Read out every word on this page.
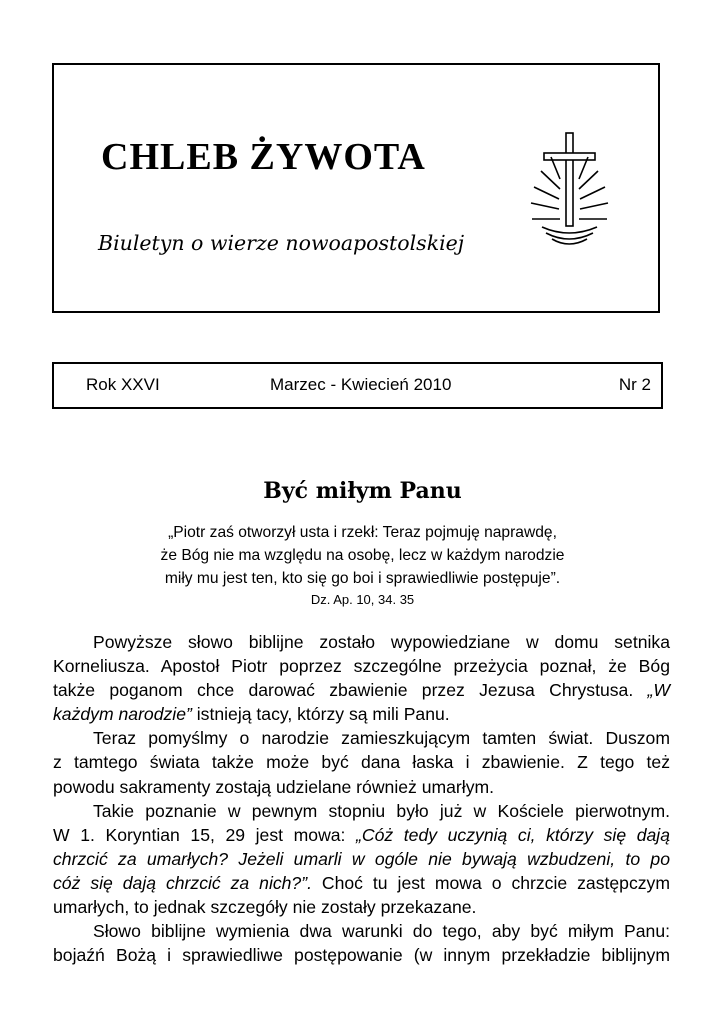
CHLEB ŻYWOTA

Biuletyn o wierze nowoapostolskiej

Rok XXVI	Marzec - Kwiecień 2010	Nr 2
Być miłym Panu
„Piotr zaś otworzył usta i rzekł: Teraz pojmuję naprawdę,
że Bóg nie ma względu na osobę, lecz w każdym narodzie
miły mu jest ten, kto się go boi i sprawiedliwie postępuje”.
Dz. Ap. 10, 34. 35
Powyższe słowo biblijne zostało wypowiedziane w domu setnika
Korneliusza. Apostoł Piotr poprzez szczególne przeżycia poznał, że Bóg
także poganom chce darować zbawienie przez Jezusa Chrystusa. „W
każdym narodzie” istnieją tacy, którzy są mili Panu.
Teraz pomyślmy o narodzie zamieszkującym tamten świat. Duszom
z tamtego świata także może być dana łaska i zbawienie. Z tego też
powodu sakramenty zostają udzielane również umarłym.
Takie poznanie w pewnym stopniu było już w Kościele pierwotnym.
W 1. Koryntian 15, 29 jest mowa: „Cóż tedy uczynią ci, którzy się dają
chrzcić za umarłych? Jeżeli umarli w ogóle nie bywają wzbudzeni, to po
cóż się dają chrzcić za nich?”. Choć tu jest mowa o chrzcie zastępczym
umarłych, to jednak szczegóły nie zostały przekazane.
Słowo biblijne wymienia dwa warunki do tego, aby być miłym Panu:
bojaźń Bożą i sprawiedliwe postępowanie (w innym przekładzie biblijnym
